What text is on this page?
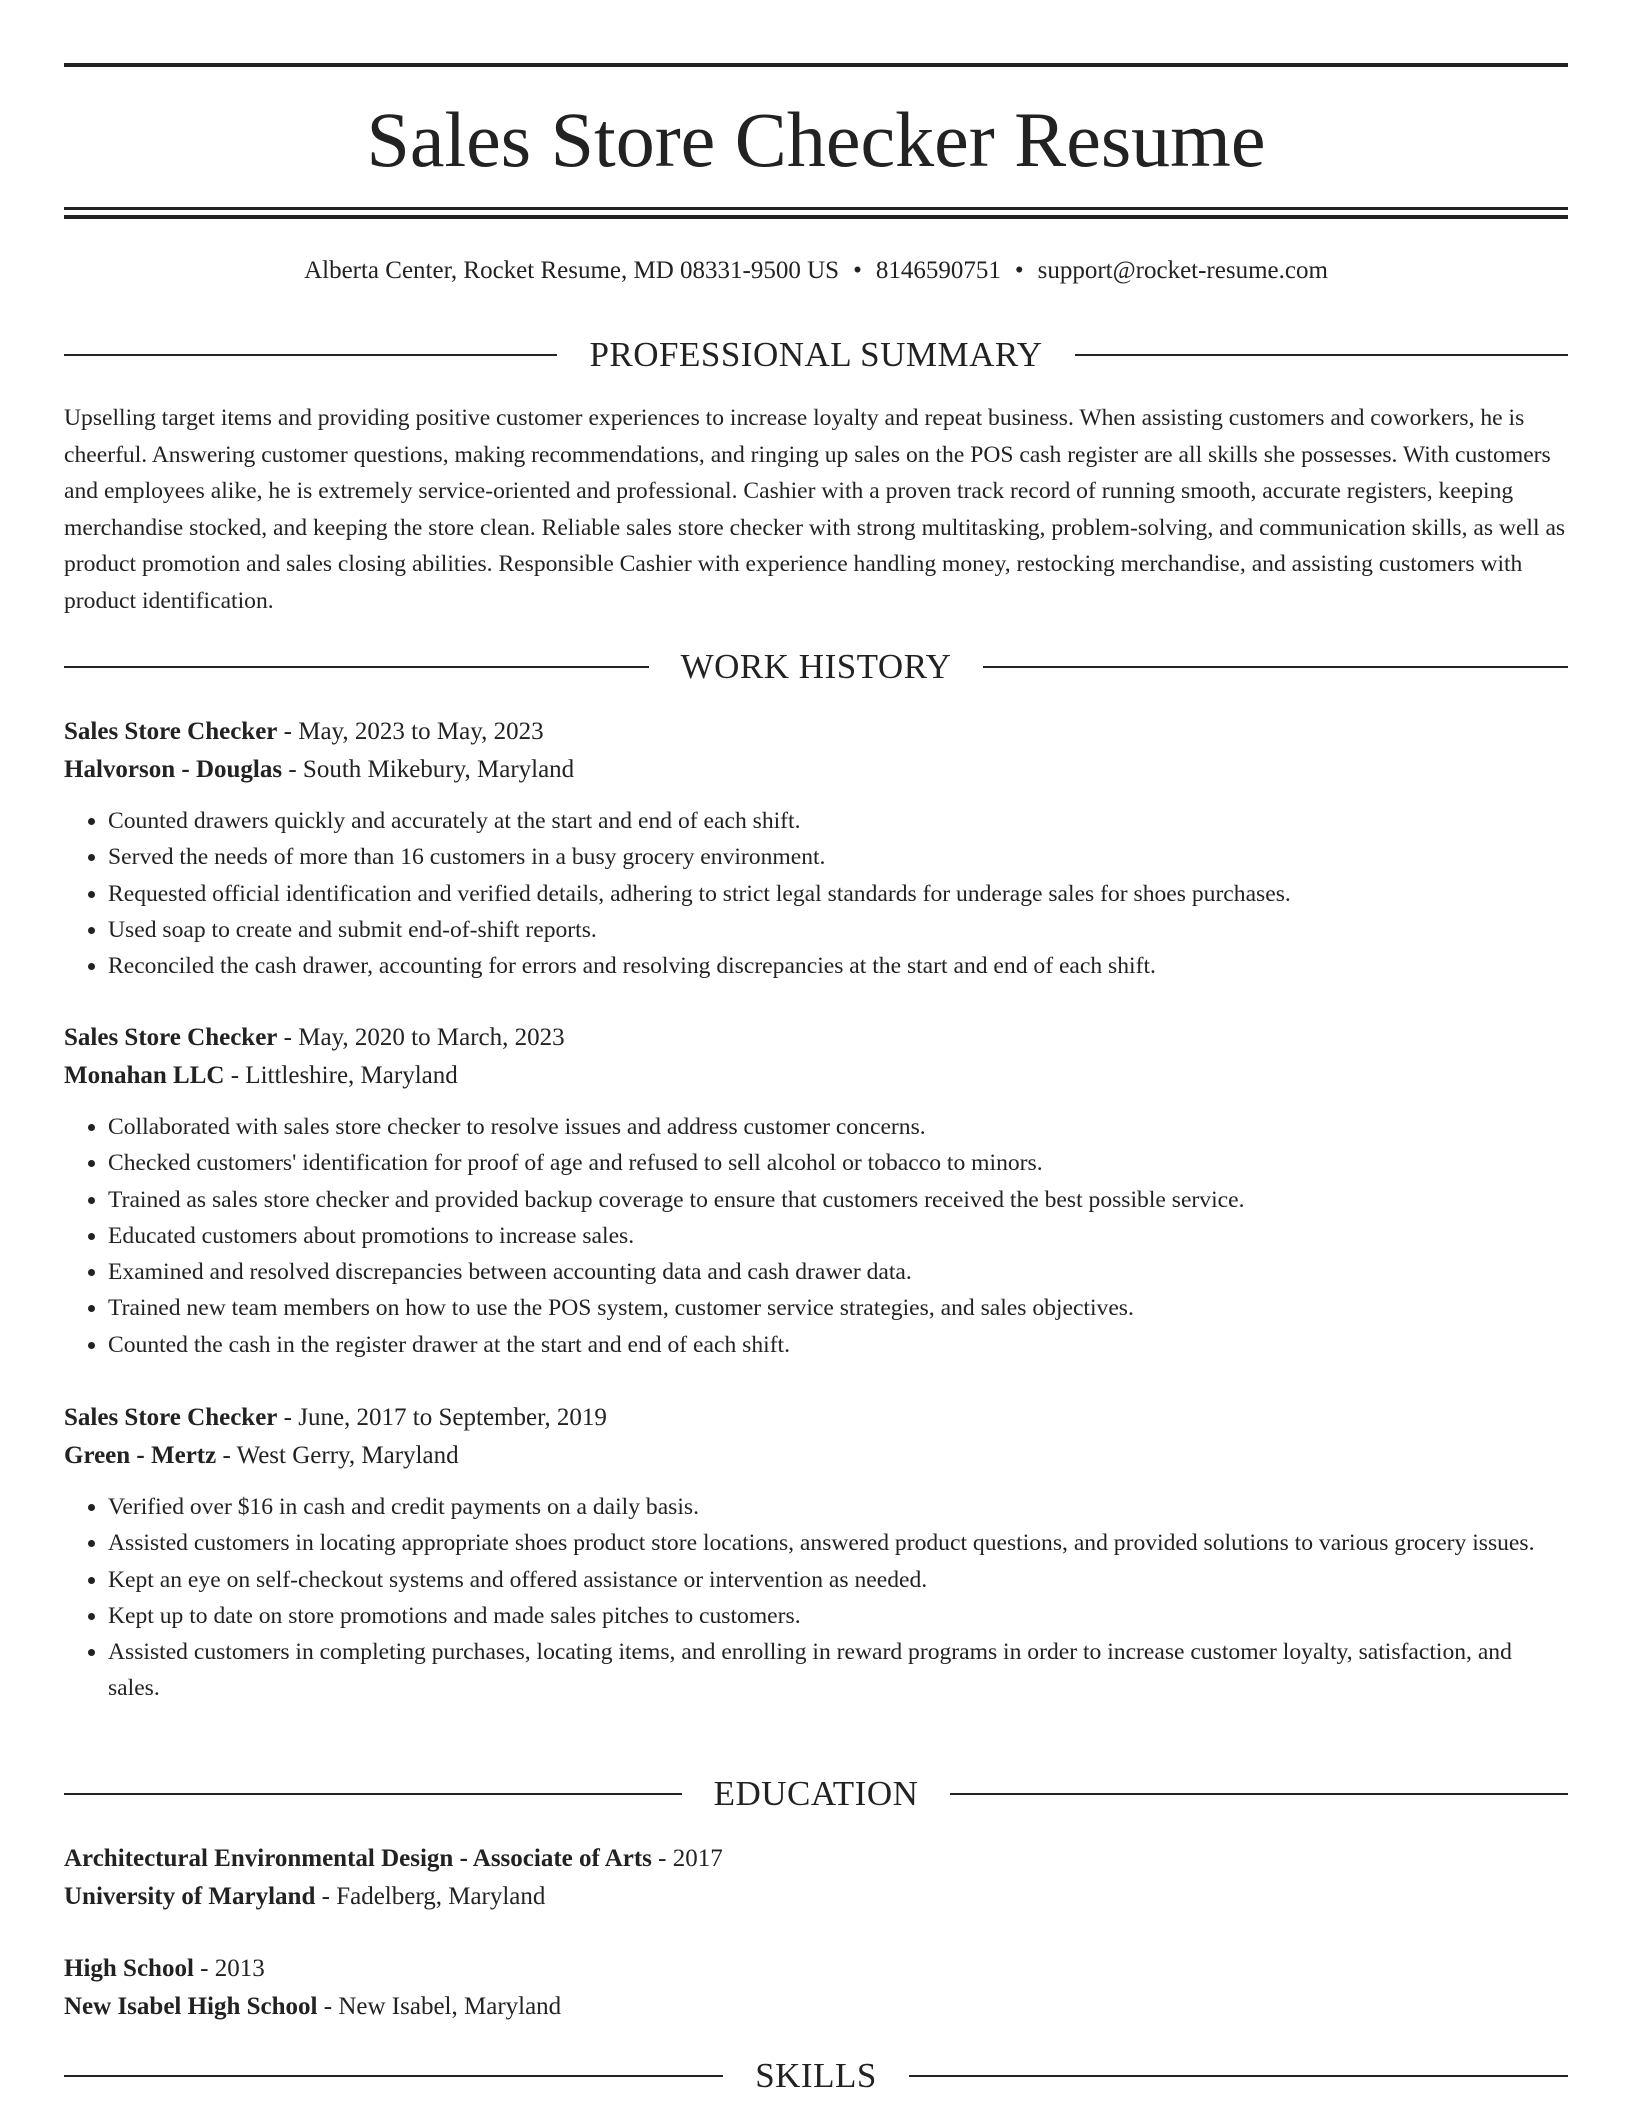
Sales Store Checker Resume
Alberta Center, Rocket Resume, MD 08331-9500 US • 8146590751 • support@rocket-resume.com
PROFESSIONAL SUMMARY

Upselling target items and providing positive customer experiences to increase loyalty and repeat business. When assisting customers and coworkers, he is cheerful. Answering customer questions, making recommendations, and ringing up sales on the POS cash register are all skills she possesses. With customers and employees alike, he is extremely service-oriented and professional. Cashier with a proven track record of running smooth, accurate registers, keeping merchandise stocked, and keeping the store clean. Reliable sales store checker with strong multitasking, problem-solving, and communication skills, as well as product promotion and sales closing abilities. Responsible Cashier with experience handling money, restocking merchandise, and assisting customers with product identification.

WORK HISTORY
Sales Store Checker - May, 2023 to May, 2023
Halvorson - Douglas - South Mikebury, Maryland
• Counted drawers quickly and accurately at the start and end of each shift.
• Served the needs of more than 16 customers in a busy grocery environment.
• Requested official identification and verified details, adhering to strict legal standards for underage sales for shoes purchases.
• Used soap to create and submit end-of-shift reports.
• Reconciled the cash drawer, accounting for errors and resolving discrepancies at the start and end of each shift.
Sales Store Checker - May, 2020 to March, 2023
Monahan LLC - Littleshire, Maryland
• Collaborated with sales store checker to resolve issues and address customer concerns.
• Checked customers' identification for proof of age and refused to sell alcohol or tobacco to minors.
• Trained as sales store checker and provided backup coverage to ensure that customers received the best possible service.
• Educated customers about promotions to increase sales.
• Examined and resolved discrepancies between accounting data and cash drawer data.
• Trained new team members on how to use the POS system, customer service strategies, and sales objectives.
• Counted the cash in the register drawer at the start and end of each shift.
Sales Store Checker - June, 2017 to September, 2019
Green - Mertz - West Gerry, Maryland
• Verified over $16 in cash and credit payments on a daily basis.
• Assisted customers in locating appropriate shoes product store locations, answered product questions, and provided solutions to various grocery issues.
• Kept an eye on self-checkout systems and offered assistance or intervention as needed.
• Kept up to date on store promotions and made sales pitches to customers.
• Assisted customers in completing purchases, locating items, and enrolling in reward programs in order to increase customer loyalty, satisfaction, and sales.
EDUCATION
Architectural Environmental Design - Associate of Arts - 2017
University of Maryland - Fadelberg, Maryland
High School - 2013
New Isabel High School - New Isabel, Maryland
SKILLS
